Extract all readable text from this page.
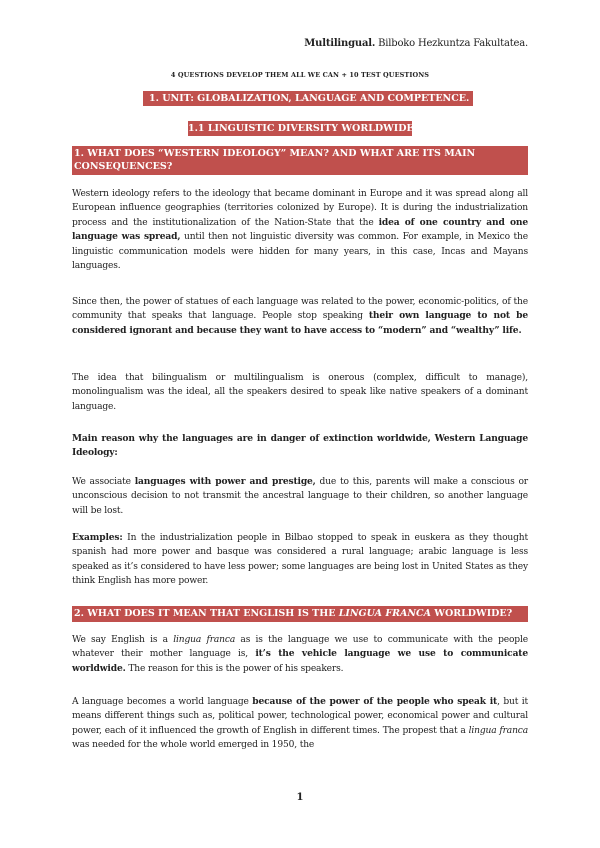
Multilingual. Bilboko Hezkuntza Fakultatea.
4 QUESTIONS DEVELOP THEM ALL WE CAN + 10 TEST QUESTIONS
1. UNIT: GLOBALIZATION, LANGUAGE AND COMPETENCE.
1.1 LINGUISTIC DIVERSITY WORLDWIDE
1. WHAT DOES “WESTERN IDEOLOGY” MEAN? AND WHAT ARE ITS MAIN CONSEQUENCES?
Western ideology refers to the ideology that became dominant in Europe and it was spread along all European influence geographies (territories colonized by Europe). It is during the industrialization process and the institutionalization of the Nation-State that the idea of one country and one language was spread, until then not linguistic diversity was common. For example, in Mexico the linguistic communication models were hidden for many years, in this case, Incas and Mayans languages.
Since then, the power of statues of each language was related to the power, economic-politics, of the community that speaks that language. People stop speaking their own language to not be considered ignorant and because they want to have access to “modern” and “wealthy” life.
The idea that bilingualism or multilingualism is onerous (complex, difficult to manage), monolingualism was the ideal, all the speakers desired to speak like native speakers of a dominant language.
Main reason why the languages are in danger of extinction worldwide, Western Language Ideology:
We associate languages with power and prestige, due to this, parents will make a conscious or unconscious decision to not transmit the ancestral language to their children, so another language will be lost.
Examples: In the industrialization people in Bilbao stopped to speak in euskera as they thought spanish had more power and basque was considered a rural language; arabic language is less speaked as it’s considered to have less power; some languages are being lost in United States as they think English has more power.
2. WHAT DOES IT MEAN THAT ENGLISH IS THE LINGUA FRANCA WORLDWIDE?
We say English is a lingua franca as is the language we use to communicate with the people whatever their mother language is, it’s the vehicle language we use to communicate worldwide. The reason for this is the power of his speakers.
A language becomes a world language because of the power of the people who speak it, but it means different things such as, political power, technological power, economical power and cultural power, each of it influenced the growth of English in different times. The propest that a lingua franca was needed for the whole world emerged in 1950, the
1
